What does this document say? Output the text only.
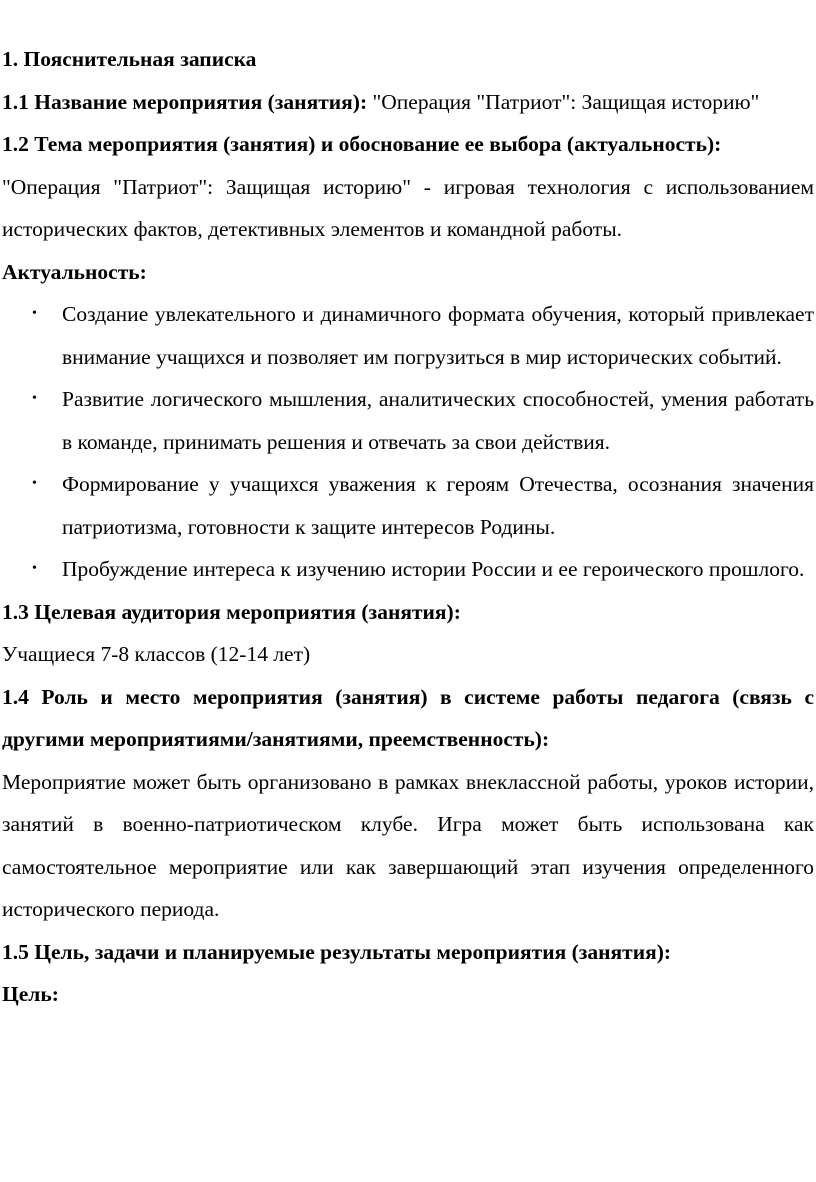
1. Пояснительная записка

1.1 Название мероприятия (занятия): "Операция "Патриот": Защищая историю"

1.2 Тема мероприятия (занятия) и обоснование ее выбора (актуальность):

"Операция "Патриот": Защищая историю" - игровая технология с использованием исторических фактов, детективных элементов и командной работы.

Актуальность:

• Создание увлекательного и динамичного формата обучения, который привлекает внимание учащихся и позволяет им погрузиться в мир исторических событий.
• Развитие логического мышления, аналитических способностей, умения работать в команде, принимать решения и отвечать за свои действия.
• Формирование у учащихся уважения к героям Отечества, осознания значения патриотизма, готовности к защите интересов Родины.
• Пробуждение интереса к изучению истории России и ее героического прошлого.

1.3 Целевая аудитория мероприятия (занятия):

Учащиеся 7-8 классов (12-14 лет)

1.4 Роль и место мероприятия (занятия) в системе работы педагога (связь с другими мероприятиями/занятиями, преемственность):

Мероприятие может быть организовано в рамках внеклассной работы, уроков истории, занятий в военно-патриотическом клубе. Игра может быть использована как самостоятельное мероприятие или как завершающий этап изучения определенного исторического периода.

1.5 Цель, задачи и планируемые результаты мероприятия (занятия):

Цель:
